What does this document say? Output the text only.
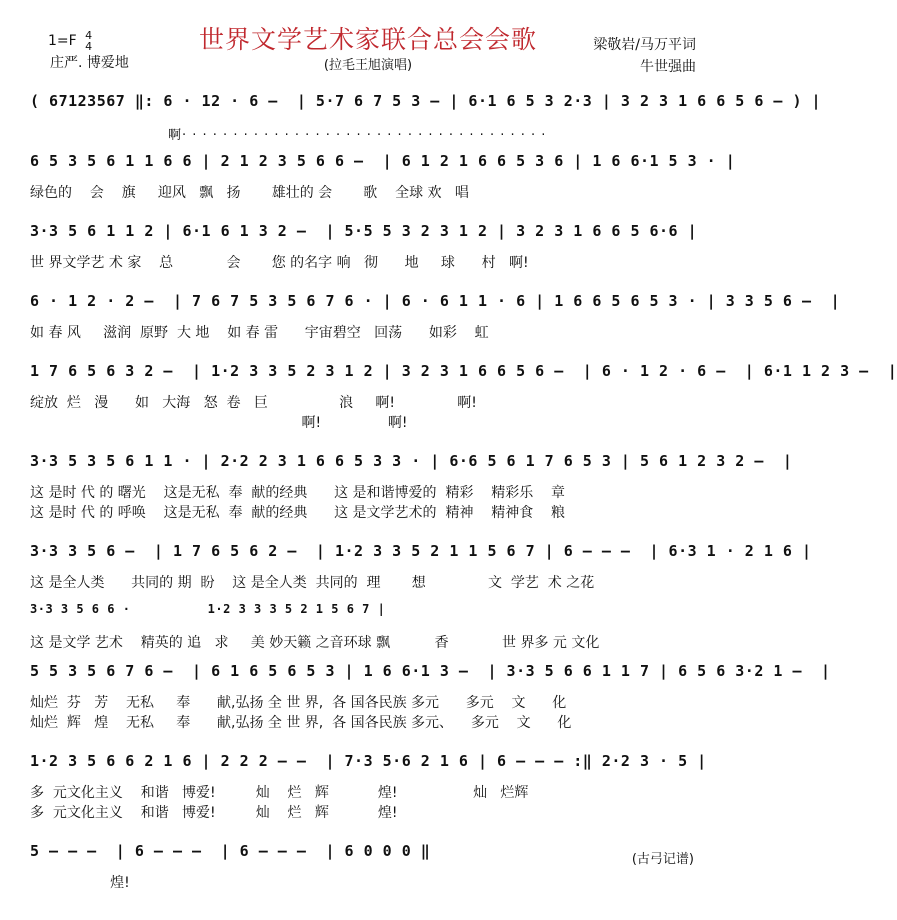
世界文学艺术家联合总会会歌
1=F 4
4
庄严. 博爱地	(拉毛王旭演唱)
梁敬岩/马万平词
牛世强曲
( 67123567 ‖: 6 · 12 · 6 –  | 5·7 6 7 5 3 – | 6·1 6 5 3 2·3 | 3 2 3 1 6 6 5 6 – ) |
啊· · · · · · · · · · · · · · · · · · · · · · · · · · · · · · · · · · · ·
6 5 3 5 6 1 1 6 6 | 2 1 2 3 5 6 6 –  | 6 1 2 1 6 6 5 3 6 | 1 6 6·1 5 3 · |
绿色的    会    旗     迎风   飘   扬       雄壮的 会       歌    全球 欢   唱
3·3 5 6 1 1 2 | 6·1 6 1 3 2 –  | 5·5 5 3 2 3 1 2 | 3 2 3 1 6 6 5 6·6 |
世 界文学艺 术 家    总            会       您 的名字 响   彻      地     球      村   啊!
6 · 1 2 · 2 –  | 7 6 7 5 3 5 6 7 6 · | 6 · 6 1 1 · 6 | 1 6 6 5 6 5 3 · | 3 3 5 6 –  |
如 春 风     滋润  原野  大 地    如 春 雷      宇宙碧空   回荡      如彩    虹
1 7 6 5 6 3 2 –  | 1·2 3 3 5 2 3 1 2 | 3 2 3 1 6 6 5 6 –  | 6 · 1 2 · 6 –  | 6·1 1 2 3 –  |
绽放  烂   漫      如   大海   怒  卷   巨                浪     啊!              啊!
啊!               啊!
3·3 5 3 5 6 1 1 · | 2·2 2 3 1 6 6 5 3 3 · | 6·6 5 6 1 7 6 5 3 | 5 6 1 2 3 2 –  |
这 是时 代 的 曙光    这是无私  奉  献的经典      这 是和谐博爱的  精彩    精彩乐    章
这 是时 代 的 呼唤    这是无私  奉  献的经典      这 是文学艺术的  精神    精神食    粮
3·3 3 5 6 –  | 1 7 6 5 6 2 –  | 1·2 3 3 5 2 1 1 5 6 7 | 6 – – –  | 6·3 1 · 2 1 6 |
这 是全人类      共同的 期  盼    这 是全人类  共同的  理       想              文  学艺  术 之花
3·3 3 5 6 6 ·          1·2 3 3 3 5 2 1 5 6 7 |
这 是文学 艺术    精英的 追   求     美 妙天籁 之音环球 飘          香            世 界多 元 文化
5 5 3 5 6 7 6 –  | 6 1 6 5 6 5 3 | 1 6 6·1 3 –  | 3·3 5 6 6 1 1 7 | 6 5 6 3·2 1 –  |
灿烂  芬   芳    无私     奉      献,弘扬 全 世 界,  各 国各民族 多元      多元    文      化
灿烂  辉   煌    无私     奉      献,弘扬 全 世 界,  各 国各民族 多元、    多元    文      化
1·2 3 5 6 6 2 1 6 | 2 2 2 – –  | 7·3 5·6 2 1 6 | 6 – – – :‖ 2·2 3 · 5 |
多  元文化主义    和谐   博爱!         灿    烂   辉           煌!                 灿   烂辉
多  元文化主义    和谐   博爱!         灿    烂   辉           煌!
5 – – –  | 6 – – –  | 6 – – –  | 6 0 0 0 ‖
煌!
(古弓记谱)
